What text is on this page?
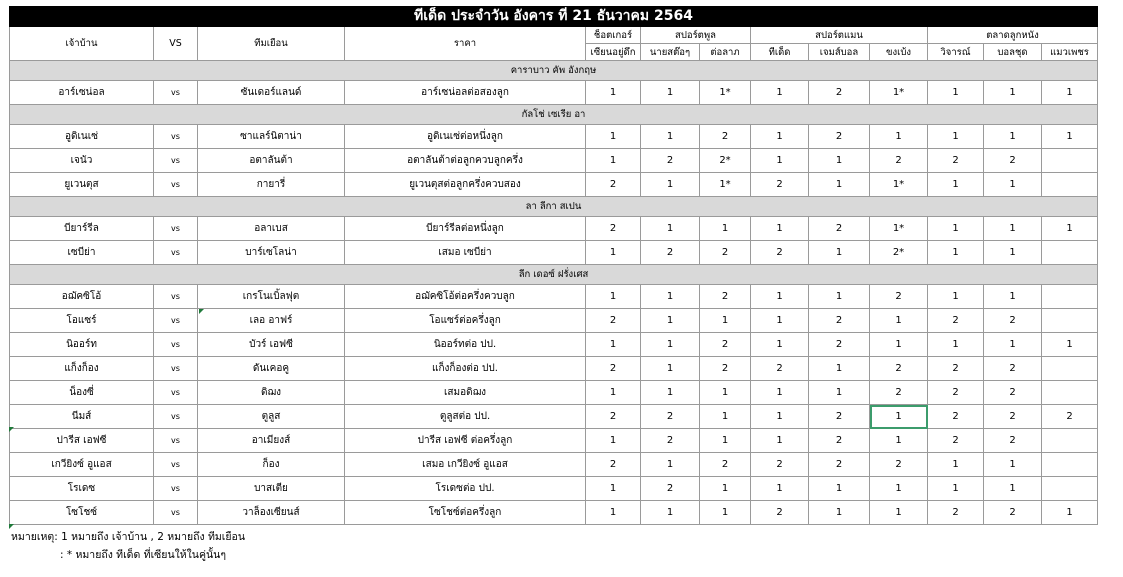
ทีเด็ด ประจำวัน อังคาร ที่ 21 ธันวาคม 2564												
เจ้าบ้าน	VS	ทีมเยือน	ราคา	ช็อตเกอร์	สปอร์ตพูล		สปอร์ตแมน			ตลาดลูกหนัง		
				เซียนอยู่ดึก	นายสต๊อๆ	ต่อลาภ	ทีเด็ด	เจมส์บอล	ขงเบ้ง	วิจารณ์	บอลชุด	แมวเพชร
คาราบาว คัพ อังกฤษ												
อาร์เซน่อล	vs	ซันเดอร์แลนด์	อาร์เซน่อลต่อสองลูก	1	1	1*	1	2	1*	1	1	1
กัลโช่ เซเรีย อา												
อูดิเนเซ่	vs	ซาแลร์นิตาน่า	อูดิเนเซ่ต่อหนึ่งลูก	1	1	2	1	2	1	1	1	1
เจนัว	vs	อตาลันต้า	อตาลันต้าต่อลูกควบลูกครึ่ง	1	2	2*	1	1	2	2	2	
ยูเวนตุส	vs	กายารี่	ยูเวนตุสต่อลูกครึ่งควบสอง	2	1	1*	2	1	1*	1	1	
ลา ลีกา สเปน												
บียาร์รีล	vs	อลาเบส	บียาร์รีลต่อหนึ่งลูก	2	1	1	1	2	1*	1	1	1
เซบีย่า	vs	บาร์เซโลน่า	เสมอ เซบีย่า	1	2	2	2	1	2*	1	1	
ลีก เดอซ์ ฝรั่งเศส												
อฌัคซิโอ้	vs	เกรโนเบิ้ลฟุต	อฌัคซิโอ้ต่อครึ่งควบลูก	1	1	2	1	1	2	1	1	
โอแซร์	vs	เลอ อาฟร์	โอแซร์ต่อครึ่งลูก	2	1	1	1	2	1	2	2	
นิออร์ท	vs	บัวร์ เอฟซี	นิออร์ทต่อ ปป.	1	1	2	1	2	1	1	1	1
แก็งก็อง	vs	ดันเคอคู	แก็งก็องต่อ ปป.	2	1	2	2	1	2	2	2	
น็องซี่	vs	ดิฌง	เสมอดิฌง	1	1	1	1	1	2	2	2	
นีมส์	vs	ตูลูส	ตูลูสต่อ ปป.	2	2	1	1	2	1	2	2	2
ปารีส เอฟซี	vs	อาเมียงส์	ปารีส เอฟซี ต่อครึ่งลูก	1	2	1	1	2	1	2	2	
เกวียิงซ์ อูแอส	vs	ก็อง	เสมอ เกวียิงซ์ อูแอส	2	1	2	2	2	2	1	1	
โรเดซ	vs	บาสเตีย	โรเดซต่อ ปป.	1	2	1	1	1	1	1	1	
โซโชซ์	vs	วาล็องเซียนส์	โซโชซ์ต่อครึ่งลูก	1	1	1	2	1	1	2	2	1
หมายเหตุ: 1 หมายถึง เจ้าบ้าน , 2 หมายถึง ทีมเยือน
: * หมายถึง ทีเด็ด ที่เซียนให้ในคู่นั้นๆ
